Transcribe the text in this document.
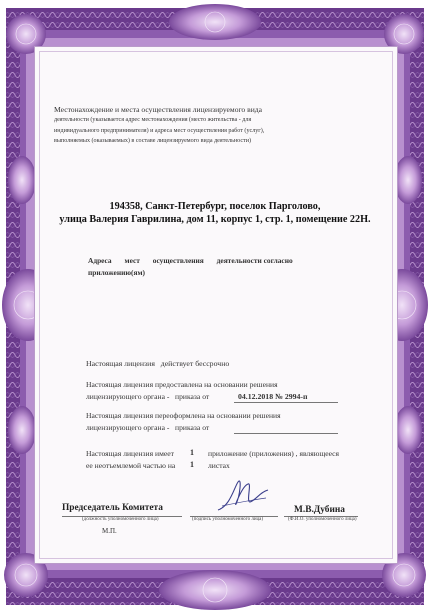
Местонахождение и места осуществления лицензируемого вида
деятельности (указывается адрес местонахождения (место жительства - для
индивидуального предпринимателя) и адреса мест осуществления работ (услуг),
выполняемых (оказываемых) в составе лицензируемого вида деятельности)
194358, Санкт-Петербург, поселок Парголово,
улица Валерия Гаврилина, дом 11, корпус 1, стр. 1, помещение 22Н.
Адреса       мест       осуществления       деятельности согласно
приложению(ям)
Настоящая лицензия   действует бессрочно
Настоящая лицензия предоставлена на основании решения
лицензирующего органа -   приказа от	04.12.2018 № 2994-п
Настоящая лицензия переоформлена на основании решения
лицензирующего органа -   приказа от
Настоящая лицензия имеет 1 приложение (приложения) , являющееся
ее неотъемлемой частью на 1 листах
Председатель Комитета
(должность уполномоченного лица)	(подпись уполномоченного лица)
М.В.Дубина
(Ф.И.О. уполномоченного лица)
М.П.
